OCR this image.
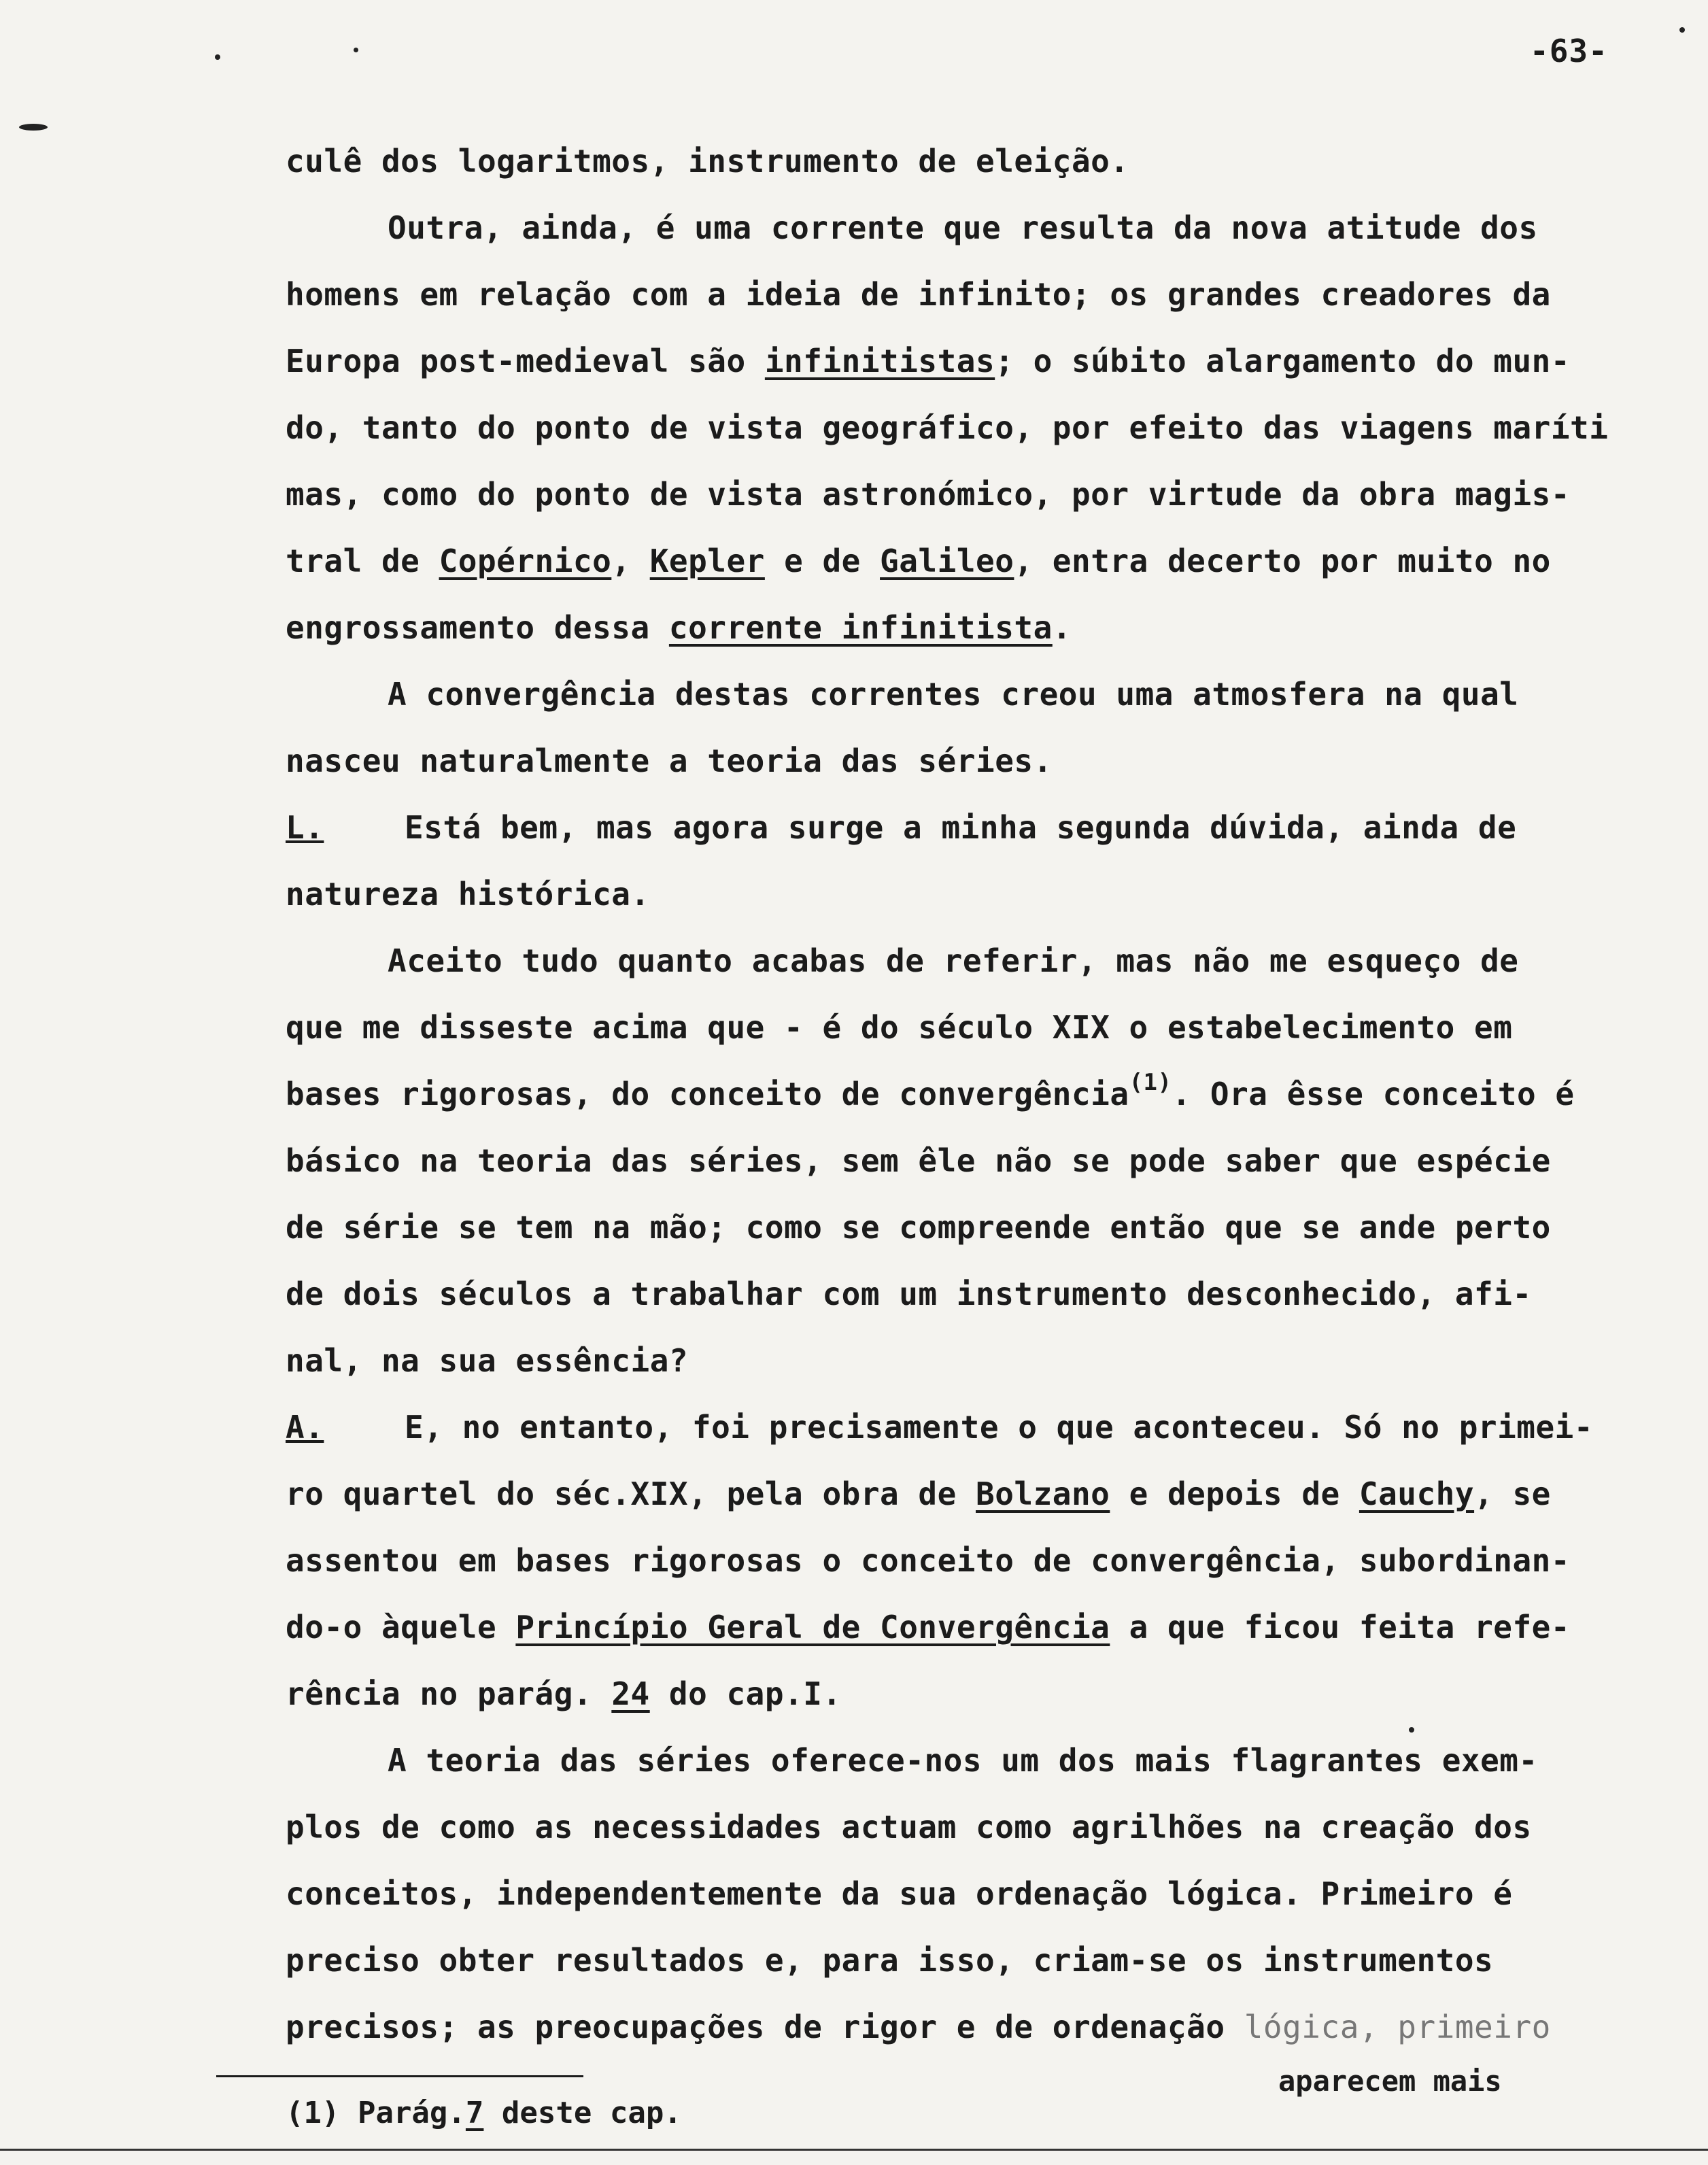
-63-
culê dos logaritmos, instrumento de eleição.
Outra, ainda, é uma corrente que resulta da nova atitude dos
homens em relação com a ideia de infinito; os grandes creadores da
Europa post-medieval são infinitistas; o súbito alargamento do mun-
do, tanto do ponto de vista geográfico, por efeito das viagens maríti
mas, como do ponto de vista astronómico, por virtude da obra magis-
tral de Copérnico, Kepler e de Galileo, entra decerto por muito no
engrossamento dessa corrente infinitista.
A convergência destas correntes creou uma atmosfera na qual
nasceu naturalmente a teoria das séries.
L.	Está bem, mas agora surge a minha segunda dúvida, ainda de
natureza histórica.
Aceito tudo quanto acabas de referir, mas não me esqueço de
que me disseste acima que - é do século XIX o estabelecimento em
bases rigorosas, do conceito de convergência$^{(1)}$. Ora êsse conceito é
básico na teoria das séries, sem êle não se pode saber que espécie
de série se tem na mão; como se compreende então que se ande perto
de dois séculos a trabalhar com um instrumento desconhecido, afi-
nal, na sua essência?
A.	E, no entanto, foi precisamente o que aconteceu. Só no primei-
ro quartel do séc.XIX, pela obra de Bolzano e depois de Cauchy, se
assentou em bases rigorosas o conceito de convergência, subordinan-
do-o àquele Princípio Geral de Convergência a que ficou feita refe-
rência no parág. 24 do cap.I.
A teoria das séries oferece-nos um dos mais flagrantes exem-
plos de como as necessidades actuam como agrilhões na creação dos
conceitos, independentemente da sua ordenação lógica. Primeiro é
preciso obter resultados e, para isso, criam-se os instrumentos
precisos; as preocupações de rigor e de ordenação lógica, primeiro
aparecem mais
(1) Parág.7 deste cap.
